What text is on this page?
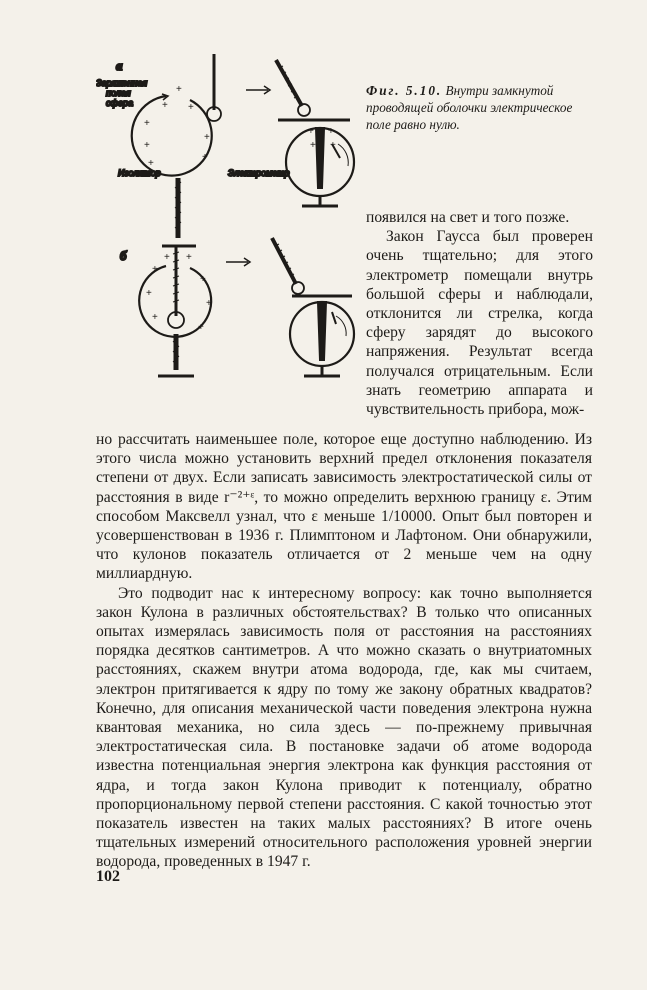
а
Заряженная
полая
сфера
Изолятор
+
+
+
+
+
+ +
+
+ +
+ +
Электрометр
б
+
+
+
+
+
+
+ +
Фиг. 5.10. Внутри замкнутой проводящей оболочки электрическое поле равно нулю.

появился на свет и того позже.

Закон Гаусса был проверен очень тщательно; для этого электрометр помещали внутрь большой сферы и наблюдали, отклонится ли стрелка, когда сферу зарядят до высокого напряжения. Результат всегда получался отрицательным. Если знать геометрию аппарата и чувствительность прибора, мож-

но рассчитать наименьшее поле, которое еще доступно наблюдению. Из этого числа можно установить верхний предел отклонения показателя степени от двух. Если записать зависимость электростатической силы от расстояния в виде r⁻²⁺ᵋ, то можно определить верхнюю границу ε. Этим способом Максвелл узнал, что ε меньше 1/10000. Опыт был повторен и усовершенствован в 1936 г. Плимптоном и Лафтоном. Они обнаружили, что кулонов показатель отличается от 2 меньше чем на одну миллиардную.

Это подводит нас к интересному вопросу: как точно выполняется закон Кулона в различных обстоятельствах? В только что описанных опытах измерялась зависимость поля от расстояния на расстояниях порядка десятков сантиметров. А что можно сказать о внутриатомных расстояниях, скажем внутри атома водорода, где, как мы считаем, электрон притягивается к ядру по тому же закону обратных квадратов? Конечно, для описания механической части поведения электрона нужна квантовая механика, но сила здесь — по-прежнему привычная электростатическая сила. В постановке задачи об атоме водорода известна потенциальная энергия электрона как функция расстояния от ядра, и тогда закон Кулона приводит к потенциалу, обратно пропорциональному первой степени расстояния. С какой точностью этот показатель известен на таких малых расстояниях? В итоге очень тщательных измерений относительного расположения уровней энергии водорода, проведенных в 1947 г.

102
